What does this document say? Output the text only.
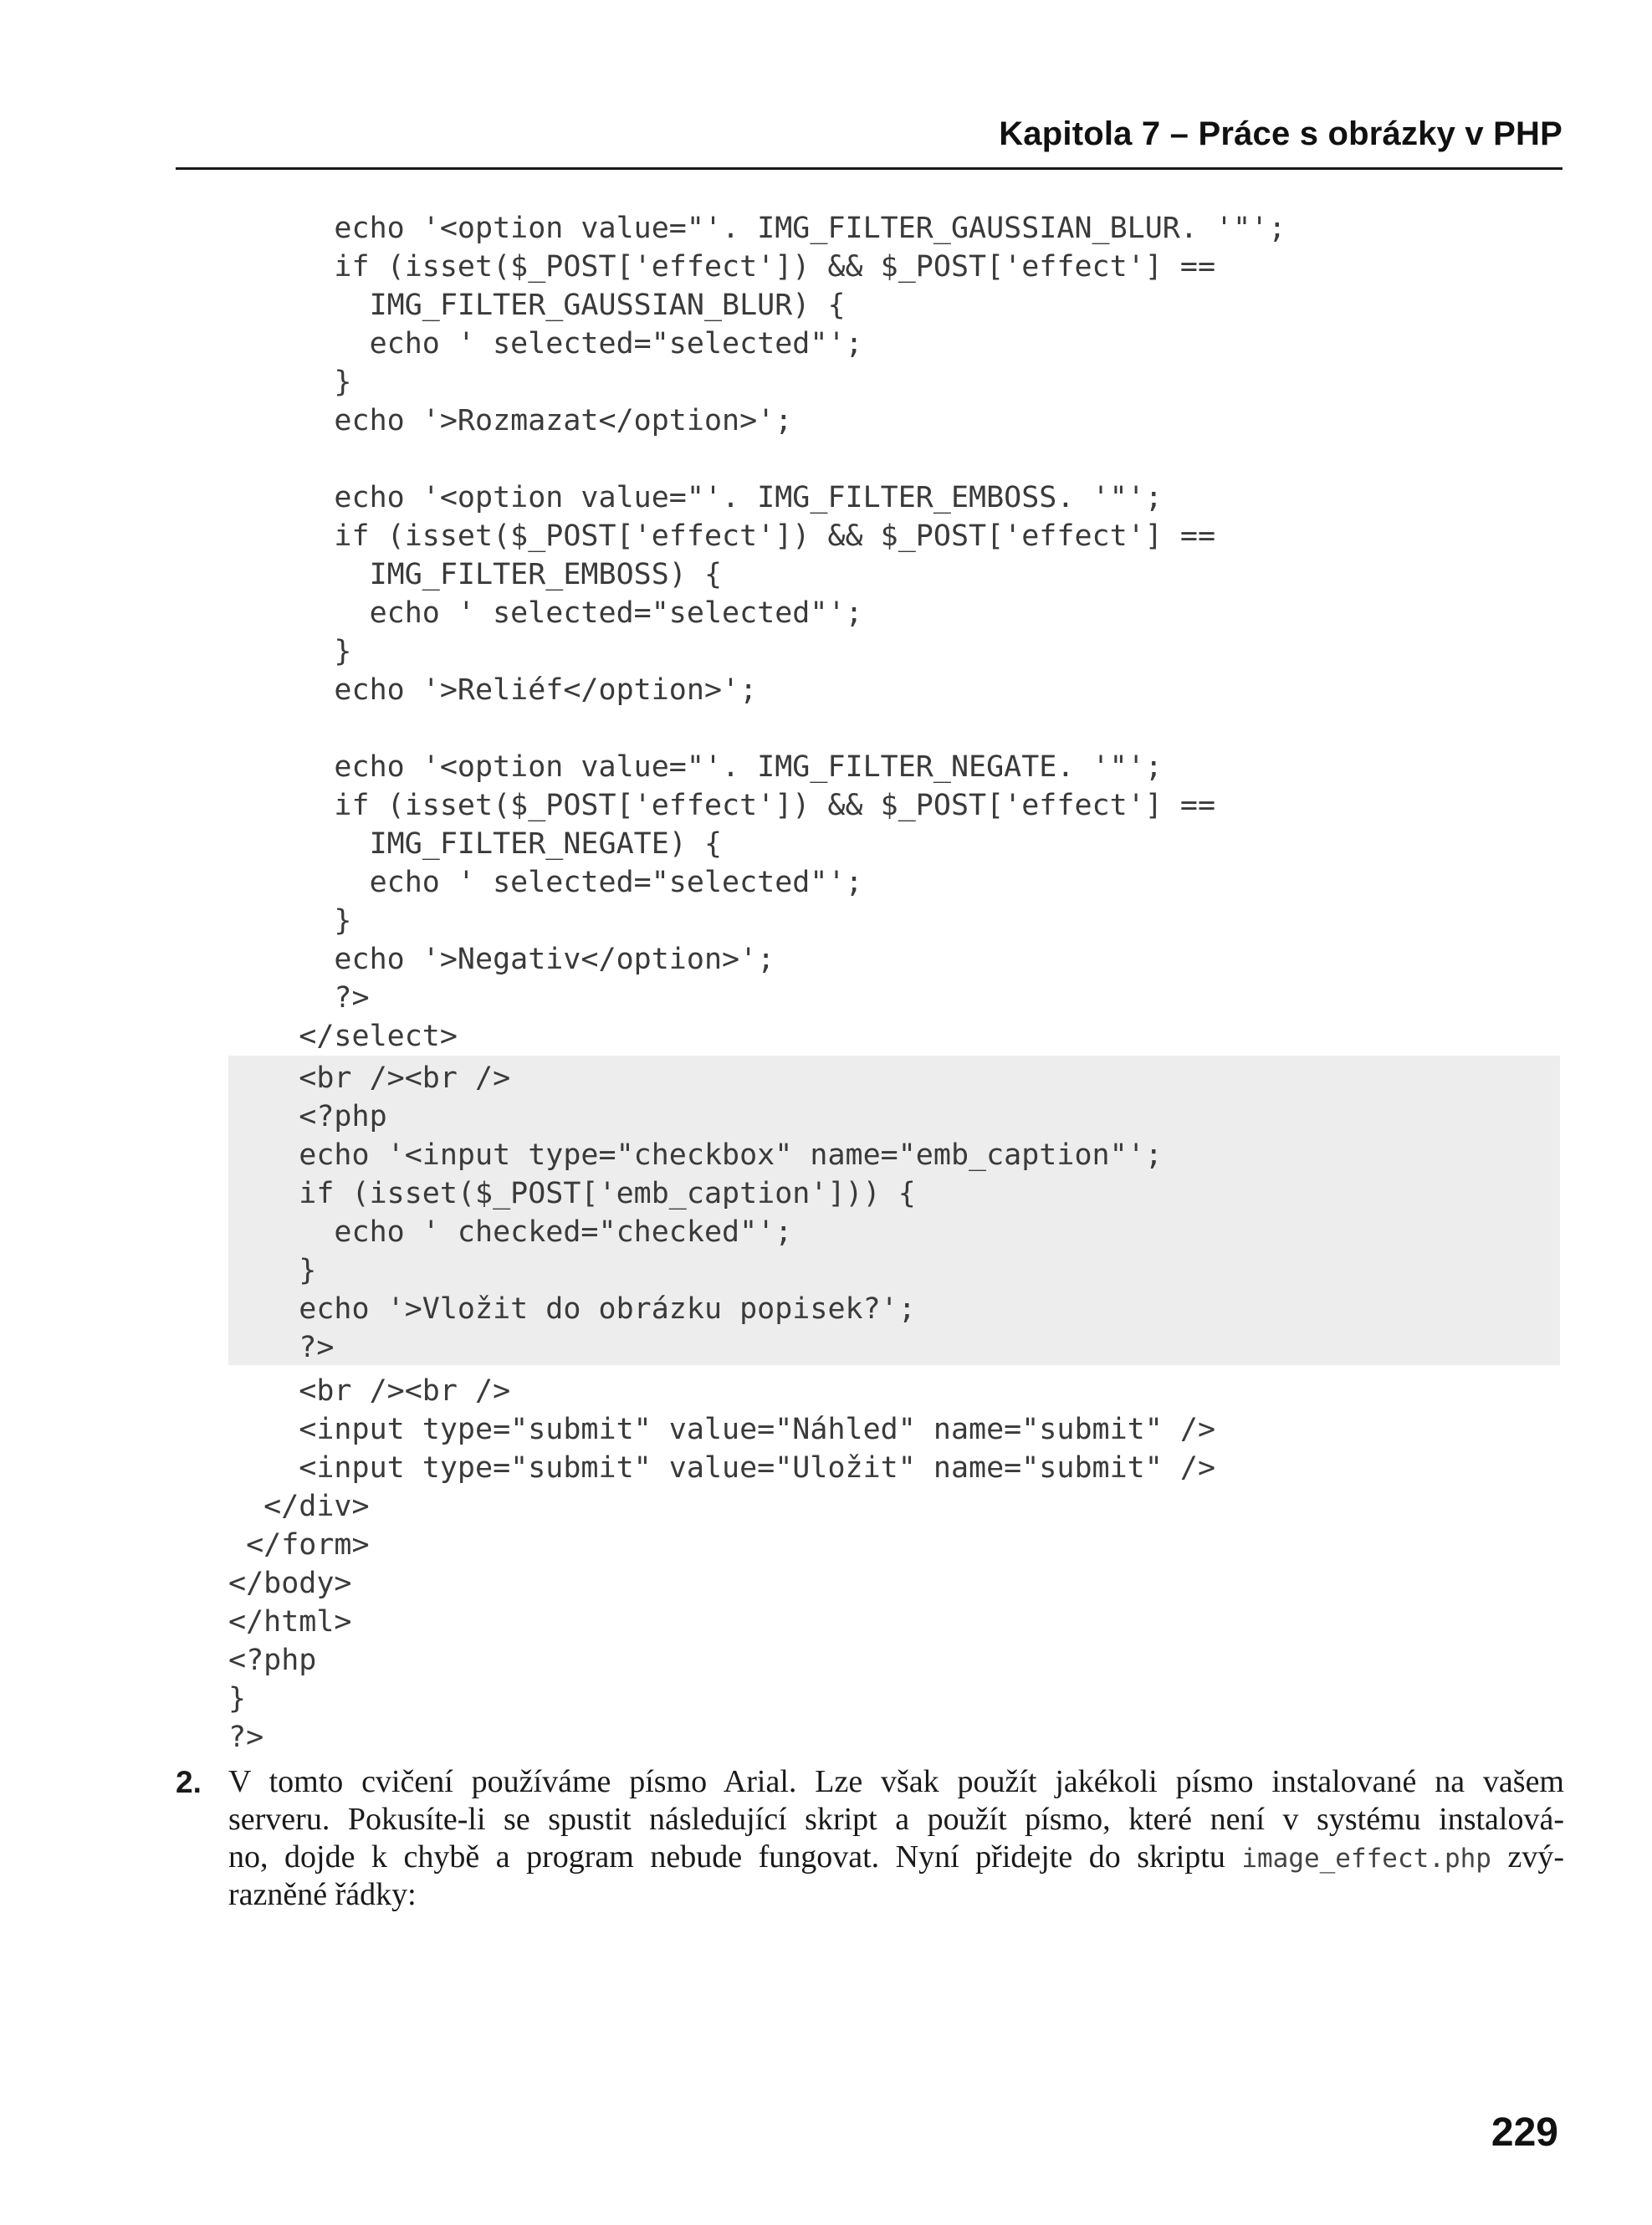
Kapitola 7 – Práce s obrázky v PHP
echo '<option value="'. IMG_FILTER_GAUSSIAN_BLUR. '"';
if (isset($_POST['effect']) && $_POST['effect'] ==
IMG_FILTER_GAUSSIAN_BLUR) {
echo ' selected="selected"';
}
echo '>Rozmazat</option>';
echo '<option value="'. IMG_FILTER_EMBOSS. '"';
if (isset($_POST['effect']) && $_POST['effect'] ==
IMG_FILTER_EMBOSS) {
echo ' selected="selected"';
}
echo '>Reliéf</option>';
echo '<option value="'. IMG_FILTER_NEGATE. '"';
if (isset($_POST['effect']) && $_POST['effect'] ==
IMG_FILTER_NEGATE) {
echo ' selected="selected"';
}
echo '>Negativ</option>';
?>
</select>
<br /><br />
<?php
echo '<input type="checkbox" name="emb_caption"';
if (isset($_POST['emb_caption'])) {
echo ' checked="checked"';
}
echo '>Vložit do obrázku popisek?';
?>
<br /><br />
<input type="submit" value="Náhled" name="submit" />
<input type="submit" value="Uložit" name="submit" />
</div>
</form>
</body>
</html>
<?php
}
?>
2. V tomto cvičení používáme písmo Arial. Lze však použít jakékoli písmo instalované na vašem
serveru. Pokusíte-li se spustit následující skript a použít písmo, které není v systému instalová-
no, dojde k chybě a program nebude fungovat. Nyní přidejte do skriptu image_effect.php zvý-
razněné řádky:
229
